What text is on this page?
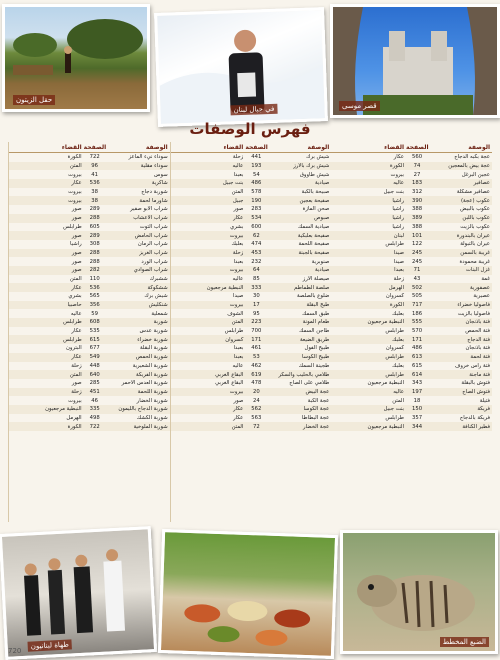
حقل الزيتون
في جبال لبنان	قصر موسى
فهرس الوصفات
الوصفة
الصفحة
القضاء
سوداء نيء الماعز
722
الكورة
سوداء مقلية
96
المتن
سوس
41
بيروت
شاكرية
536
عكار
شوربة دجاج
38
بيروت
شاورما لحمة
38
بيروت
شراب الأبو صفير
289
صور
شراب الأعشاب
288
صور
شراب التوت
605
طرابلس
شراب الحامض
289
صور
شراب الرمان
308
راشيا
شراب الغريز
288
صور
شراب الورد
288
صور
شراب الصوادي
282
صور
ششبرك
110
المتن
ششكوكة
536
عكار
شيش برك
565
بشري
شنكليش
356
حاصبيا
شمعلية
59
عاليه
شوربة
608
طرابلس
شوربة عدس
535
عكار
شوربة خضراء
615
طرابلس
شوربة البقلة
677
البترون
شوربة الحمص
549
عكار
شوربة الشعيرية
448
زحلة
شوربة الفريكة
640
المتن
شوربة العدس الأحمر
285
صور
شوربة اللحمة
451
زحلة
شوربة الخضار
46
بيروت
شوربة الدجاج بالليمون
335
النبطية مرجعيون
شوربة الكشك
498
الهرمل
شوربة الملوخية
722
الكورة
الوصفة
الصفحة
القضاء
شيش برك
441
زحلة
شيش برك بالأرز
193
عاليه
شيش طاووق
54
بعبدا
صيادية
486
بنت جبيل
صبيحة بالكبة
578
المتن
صفيحة بعجين
190
جبيل
صحن المازة
283
صور
صبوص
534
عكار
صيادية السمك
600
بشري
صفيحة بعلبكية
62
بيروت
صفيحة اللحمة
474
بعلبك
صفيحة بالجبنة
453
زحلة
صنوبرية
232
بعبدا
صيادية
64
بيروت
صيصلة الأرز
85
عاليه
صلصة الطماطم
333
النبطية مرجعيون
ضلوع بالصلصة
30
صيدا
طبخ البقلة
17
بيروت
طبق السمك
95
الشوف
طعام المونة
223
المتن
طاجن السمك
700
طرابلس
طريق الضيعة
171
كسروان
طبيخ الفول
461
بعبدا
طبيخ الكوسا
53
بعبدا
طجينة السمك
462
عاليه
طلامي بالحليب والسكر
619
البقاع الغربي
طلامي على الصاج
478
البقاع الغربي
عجة البيض
20
بيروت
عجة الكبة
24
صور
عجة الكوسا
562
عكار
عجة البطاطا
563
عكار
عجة الخضار
72
المتن
الوصفة
الصفحة
القضاء
عجة بكبه الدجاج
560
عكار
عجة بيض بالمعجين
74
الكورة
عجين البرغل
27
بيروت
عصافير
183
عاليه
عصافير مشكلة
312
بنت جبيل
عكوب (عجة)
390
راشيا
عكوب بالبيض
388
راشيا
عكوب باللبن
389
راشيا
عكوب بالزيت
388
راشيا
عيران بالبندورة
101
لبنان
عيران بالتبولة
122
طرابلس
غريبة بالسمن
245
صيدا
غريبة محمودة
245
صيدا
غزل البنات
71
بعبدا
غمة
43
زحلة
عصفورية
502
الهرمل
عصيرية
505
كسروان
فاصوليا خضراء
717
الكورة
فاصوليا بالزيت
186
بعلبك
فتة باذنجان
555
النبطية مرجعيون
فتة الحمص
570
طرابلس
فتة الدجاج
171
بعلبك
فتة باذنجان
486
كسروان
فتة لحمة
613
طرابلس
فتة راس خروف
615
بعلبك
فتة ماجنة
614
طرابلس
فتوش بالبقلة
343
النبطية مرجعيون
فتوش الصاج
197
عاليه
فتيلة
18
المتن
فريكة
150
بنت جبيل
فريكة بالدجاج
357
طرابلس
فطير الكنافة
344
النبطية مرجعيون
طهاة لبنانيون	الضبع المخطط
720
